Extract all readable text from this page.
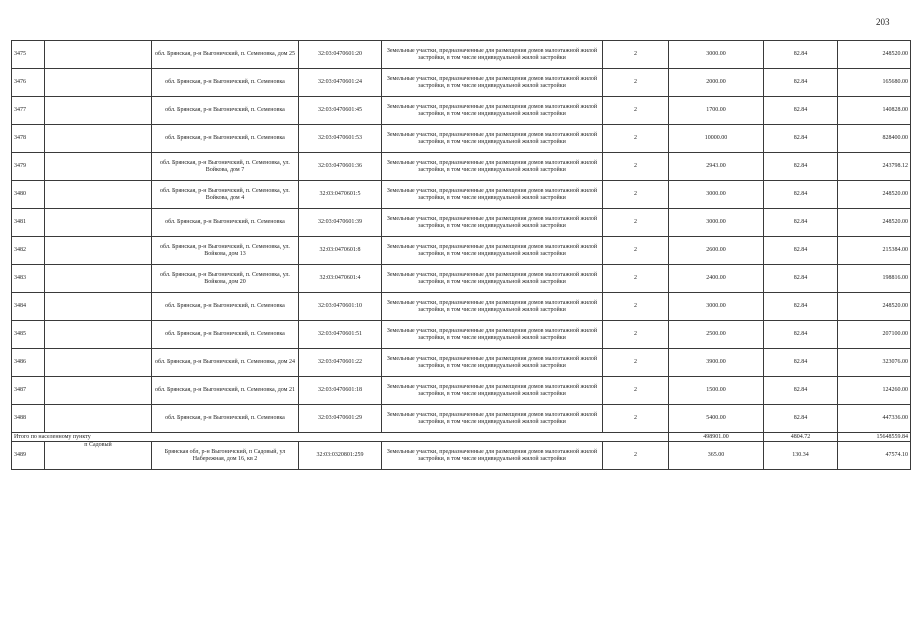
203
3475		обл. Брянская, р-н Выгоничский, п. Семеновка, дом 25	32:03:0470601:20	Земельные участки, предназначенные для размещения домов малоэтажной жилой застройки, в том числе индивидуальной жилой застройки	2	3000.00	82.84	248520.00
3476		обл. Брянская, р-н Выгоничский, п. Семеновка	32:03:0470601:24	Земельные участки, предназначенные для размещения домов малоэтажной жилой застройки, в том числе индивидуальной жилой застройки	2	2000.00	82.84	165680.00
3477		обл. Брянская, р-н Выгоничский, п. Семеновка	32:03:0470601:45	Земельные участки, предназначенные для размещения домов малоэтажной жилой застройки, в том числе индивидуальной жилой застройки	2	1700.00	82.84	140828.00
3478		обл. Брянская, р-н Выгоничский, п. Семеновка	32:03:0470601:53	Земельные участки, предназначенные для размещения домов малоэтажной жилой застройки, в том числе индивидуальной жилой застройки	2	10000.00	82.84	828400.00
3479		обл. Брянская, р-н Выгоничский, п. Семеновка, ул. Войкова, дом 7	32:03:0470601:36	Земельные участки, предназначенные для размещения домов малоэтажной жилой застройки, в том числе индивидуальной жилой застройки	2	2943.00	82.84	243798.12
3480		обл. Брянская, р-н Выгоничский, п. Семеновка, ул. Войкова, дом 4	32:03:0470601:5	Земельные участки, предназначенные для размещения домов малоэтажной жилой застройки, в том числе индивидуальной жилой застройки	2	3000.00	82.84	248520.00
3481		обл. Брянская, р-н Выгоничский, п. Семеновка	32:03:0470601:39	Земельные участки, предназначенные для размещения домов малоэтажной жилой застройки, в том числе индивидуальной жилой застройки	2	3000.00	82.84	248520.00
3482		обл. Брянская, р-н Выгоничский, п. Семеновка, ул. Войкова, дом 13	32:03:0470601:8	Земельные участки, предназначенные для размещения домов малоэтажной жилой застройки, в том числе индивидуальной жилой застройки	2	2600.00	82.84	215384.00
3483		обл. Брянская, р-н Выгоничский, п. Семеновка, ул. Войкова, дом 20	32:03:0470601:4	Земельные участки, предназначенные для размещения домов малоэтажной жилой застройки, в том числе индивидуальной жилой застройки	2	2400.00	82.84	198816.00
3484		обл. Брянская, р-н Выгоничский, п. Семеновка	32:03:0470601:10	Земельные участки, предназначенные для размещения домов малоэтажной жилой застройки, в том числе индивидуальной жилой застройки	2	3000.00	82.84	248520.00
3485		обл. Брянская, р-н Выгоничский, п. Семеновка	32:03:0470601:51	Земельные участки, предназначенные для размещения домов малоэтажной жилой застройки, в том числе индивидуальной жилой застройки	2	2500.00	82.84	207100.00
3486		обл. Брянская, р-н Выгоничский, п. Семеновка, дом 24	32:03:0470601:22	Земельные участки, предназначенные для размещения домов малоэтажной жилой застройки, в том числе индивидуальной жилой застройки	2	3900.00	82.84	323076.00
3487		обл. Брянская, р-н Выгоничский, п. Семеновка, дом 21	32:03:0470601:18	Земельные участки, предназначенные для размещения домов малоэтажной жилой застройки, в том числе индивидуальной жилой застройки	2	1500.00	82.84	124260.00
3488		обл. Брянская, р-н Выгоничский, п. Семеновка	32:03:0470601:29	Земельные участки, предназначенные для размещения домов малоэтажной жилой застройки, в том числе индивидуальной жилой застройки	2	5400.00	82.84	447336.00
Итого по населенному пункту						498901.00	4804.72	15648559.84
3489	п Садовый	Брянская обл, р-н Выгоничский, п Садовый, ул Набережная, дом 16, кв 2	32:03:0320801:259	Земельные участки, предназначенные для размещения домов малоэтажной жилой застройки, в том числе индивидуальной жилой застройки	2	365.00	130.34	47574.10
